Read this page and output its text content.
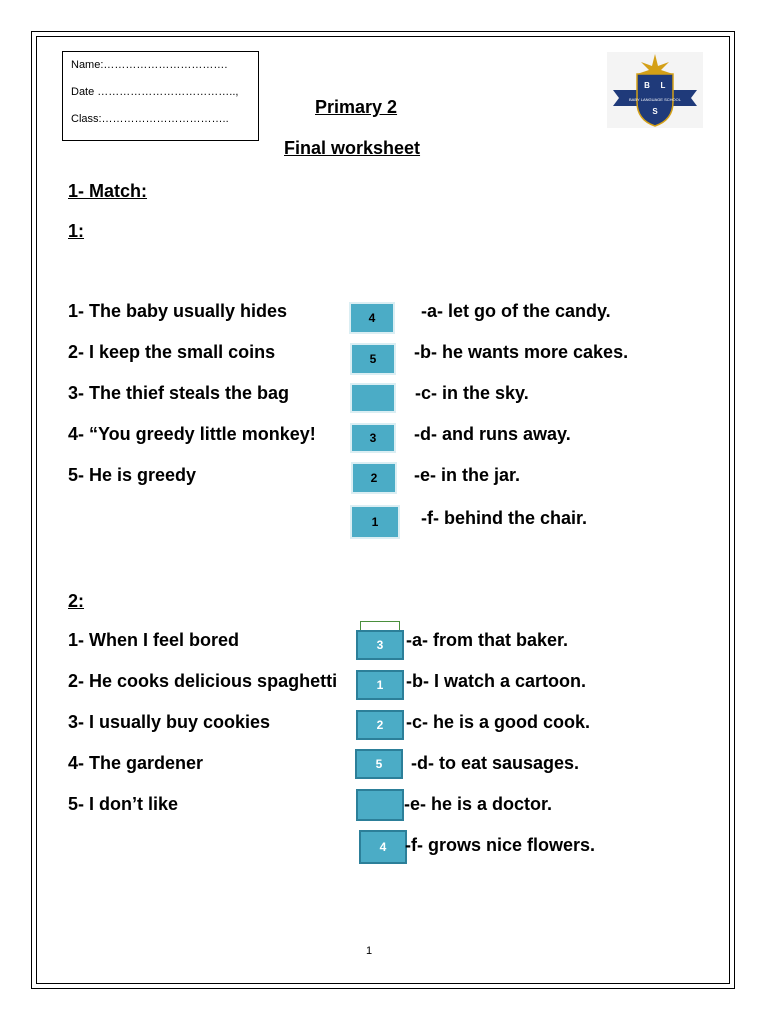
Name:…………………………….
Date ………………………………..,
Class:……………………………..
Primary 2
Final worksheet
B L
S
BABY LANGUAGE SCHOOL
1- Match:
1:
1- The baby usually hides
2- I keep the small coins
3- The thief steals the bag
4- “You greedy little monkey!
5- He is greedy
4
5
3
2
1
-a- let go of the candy.
-b- he wants more cakes.
-c- in the sky.
-d- and runs away.
-e- in the jar.
-f- behind the chair.
2:
1- When I feel bored
2- He cooks delicious spaghetti
3- I usually buy cookies
4- The gardener
5- I don’t like
3
1
2
5
4
-a- from that baker.
-b- I watch a cartoon.
-c- he is a good cook.
-d- to eat sausages.
-e- he is a doctor.
-f- grows nice flowers.
1
